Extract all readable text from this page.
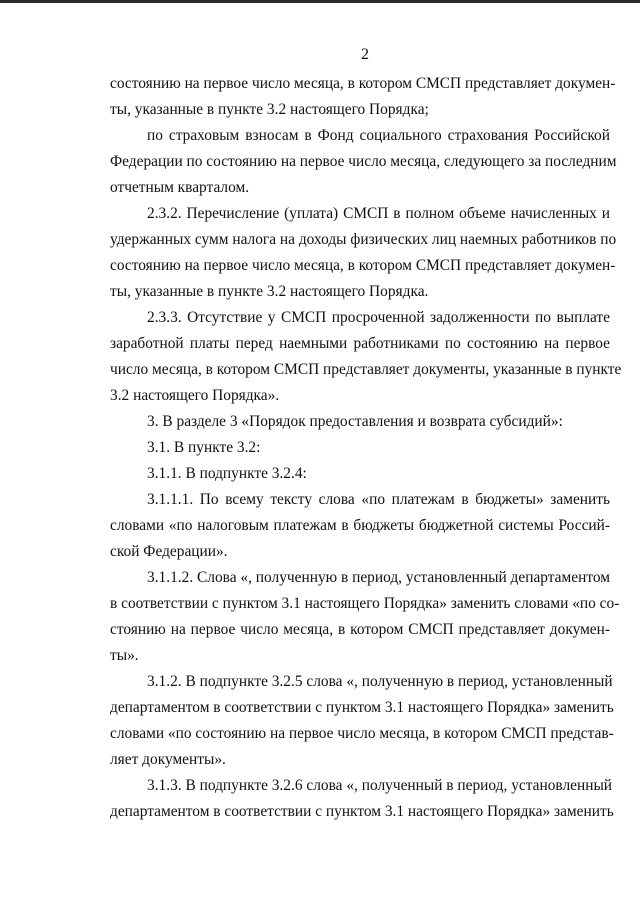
2
состоянию на первое число месяца, в котором СМСП представляет докумен-
ты, указанные в пункте 3.2 настоящего Порядка;
по страховым взносам в Фонд социального страхования Российской
Федерации по состоянию на первое число месяца, следующего за последним
отчетным кварталом.
2.3.2. Перечисление (уплата) СМСП в полном объеме начисленных и
удержанных сумм налога на доходы физических лиц наемных работников по
состоянию на первое число месяца, в котором СМСП представляет докумен-
ты, указанные в пункте 3.2 настоящего Порядка.
2.3.3. Отсутствие у СМСП просроченной задолженности по выплате
заработной платы перед наемными работниками по состоянию на первое
число месяца, в котором СМСП представляет документы, указанные в пункте
3.2 настоящего Порядка».
3. В разделе 3 «Порядок предоставления и возврата субсидий»:
3.1. В пункте 3.2:
3.1.1. В подпункте 3.2.4:
3.1.1.1. По всему тексту слова «по платежам в бюджеты» заменить
словами «по налоговым платежам в бюджеты бюджетной системы Россий-
ской Федерации».
3.1.1.2. Слова «, полученную в период, установленный департаментом
в соответствии с пунктом 3.1 настоящего Порядка» заменить словами «по со-
стоянию на первое число месяца, в котором СМСП представляет докумен-
ты».
3.1.2. В подпункте 3.2.5 слова «, полученную в период, установленный
департаментом в соответствии с пунктом 3.1 настоящего Порядка» заменить
словами «по состоянию на первое число месяца, в котором СМСП представ-
ляет документы».
3.1.3. В подпункте 3.2.6 слова «, полученный в период, установленный
департаментом в соответствии с пунктом 3.1 настоящего Порядка» заменить
